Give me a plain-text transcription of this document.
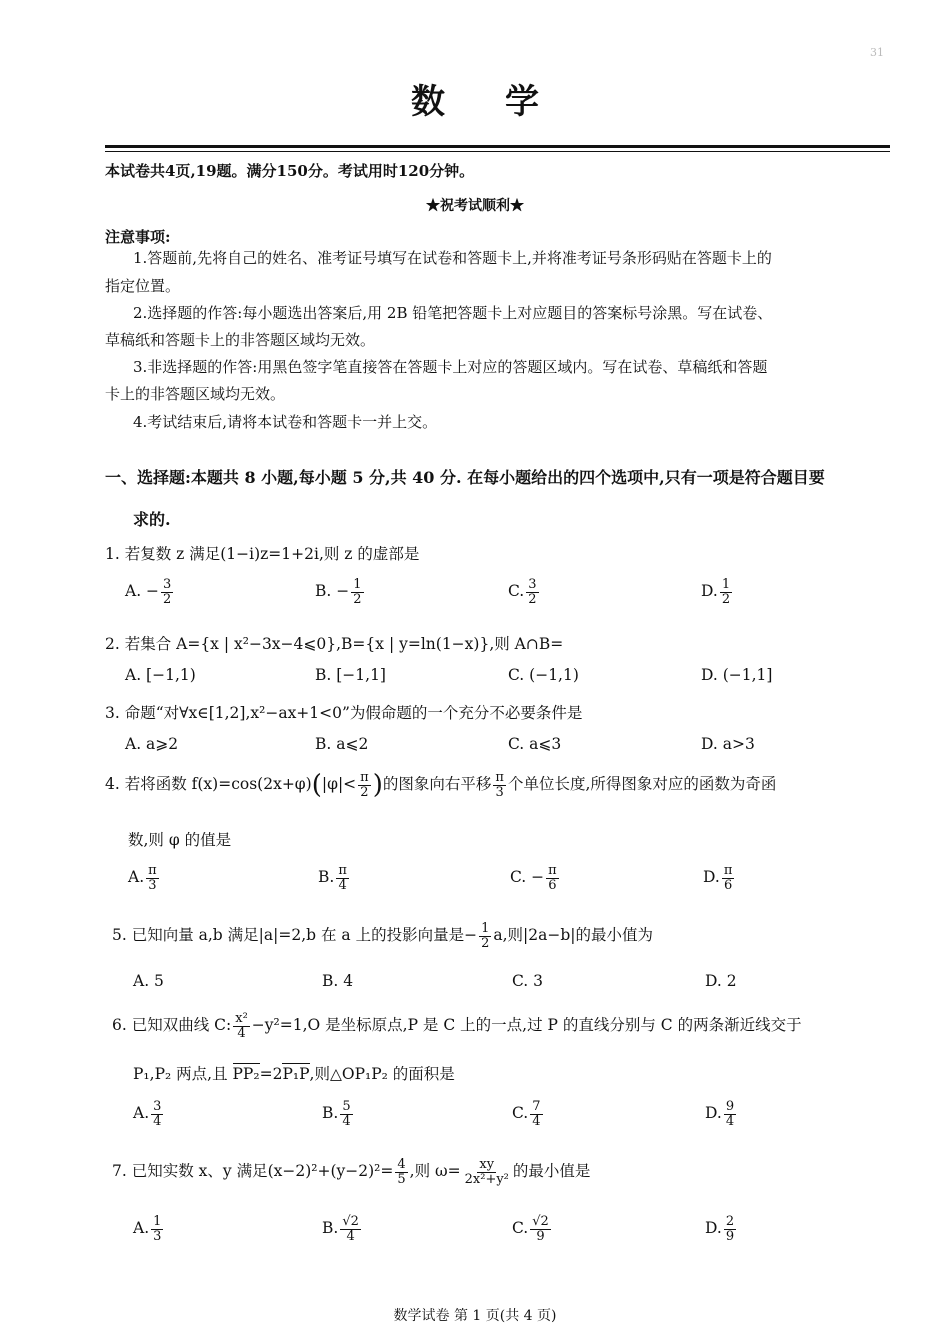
31
数学
本试卷共4页,19题。满分150分。考试用时120分钟。
★祝考试顺利★
注意事项:
1.答题前,先将自己的姓名、准考证号填写在试卷和答题卡上,并将准考证号条形码贴在答题卡上的
指定位置。
2.选择题的作答:每小题选出答案后,用 2B 铅笔把答题卡上对应题目的答案标号涂黑。写在试卷、
草稿纸和答题卡上的非答题区域均无效。
3.非选择题的作答:用黑色签字笔直接答在答题卡上对应的答题区域内。写在试卷、草稿纸和答题
卡上的非答题区域均无效。
4.考试结束后,请将本试卷和答题卡一并上交。
一、选择题:本题共 8 小题,每小题 5 分,共 40 分. 在每小题给出的四个选项中,只有一项是符合题目要
求的.
1. 若复数 z 满足(1−i)z=1+2i,则 z 的虚部是
A. − $\frac{3}{2}$	B. − $\frac{1}{2}$	C. $\frac{3}{2}$	D. $\frac{1}{2}$
2. 若集合 A={x | x²−3x−4⩽0},B={x | y=ln(1−x)},则 A∩B=
A. [−1,1)	B. [−1,1]	C. (−1,1)	D. (−1,1]
3. 命题“对∀x∈[1,2],x²−ax+1<0”为假命题的一个充分不必要条件是
A. a⩾2	B. a⩽2	C. a⩽3	D. a>3
4. 若将函数 $f(x)=\cos(2x+\varphi)(|\varphi|< \frac{\pi}{2}$ )的图象向右平移 $\frac{\pi}{3}$ 个单位长度,所得图象对应的函数为奇函
数,则 φ 的值是
A. $\frac{\pi}{3}$	B. $\frac{\pi}{4}$	C. − $\frac{\pi}{6}$	D. $\frac{\pi}{6}$
5. 已知向量 a,b 满足|a|=2,b 在 a 上的投影向量是− $\frac{1}{2} a$,则|2a−b|的最小值为
A. 5	B. 4	C. 3	D. 2
6. 已知双曲线 C: $\frac{\text{x²}}{4} -y^2=1,O$ 是坐标原点,P 是 C 上的一点,过 P 的直线分别与 C 的两条渐近线交于
P₁,P₂ 两点,且 PP₂=2P₁P,则△OP₁P₂ 的面积是
A. $\frac{3}{4}$	B. $\frac{5}{4}$	C. $\frac{7}{4}$	D. $\frac{9}{4}$
7. 已知实数 x、y 满足$(x-2)^2+(y-2)^2= \frac{4}{5}$ ,则 $\omega= \frac{xy}{\text{2x²+y²}}$ 的最小值是
A. $\frac{1}{3}$	B. $\frac{√2}{4}$	C. $\frac{√2}{9}$	D. $\frac{2}{9}$
数学试卷 第 1 页(共 4 页)
